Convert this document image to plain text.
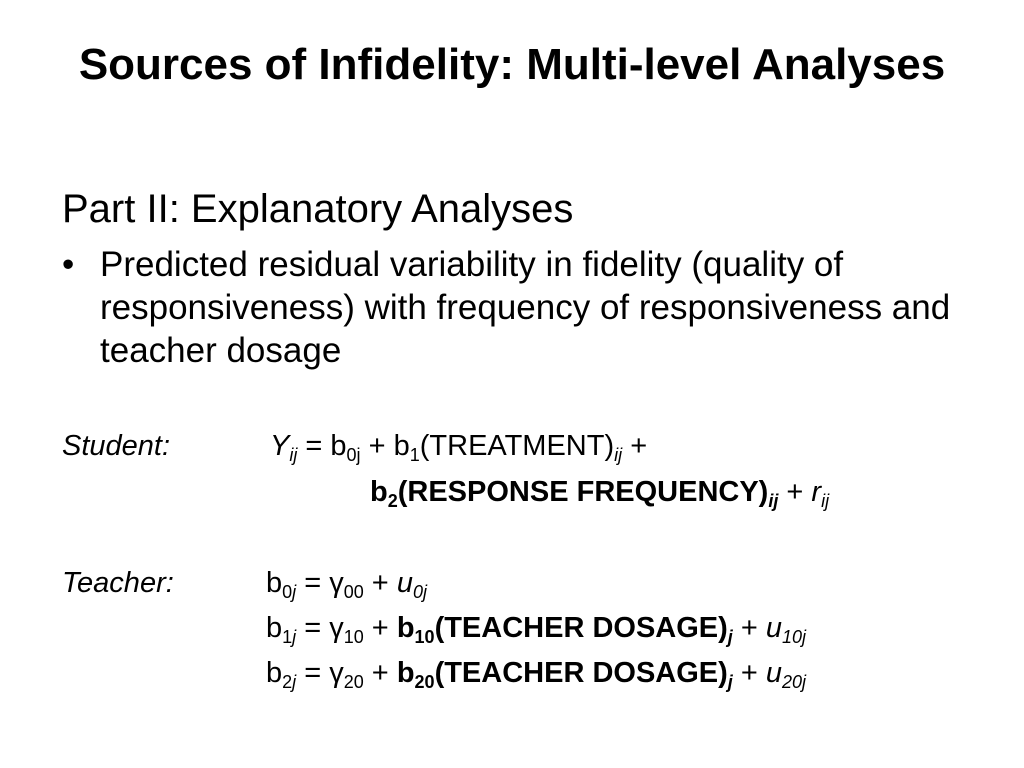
Sources of Infidelity: Multi-level Analyses
Part II: Explanatory Analyses
• Predicted residual variability in fidelity (quality of responsiveness) with frequency of responsiveness and teacher dosage
Student:	$Y_{ij} = b_{0j}$ + $b_1(TREATMENT)_{ij}$ +
$b_2(RESPONSE$ $FREQUENCY)_{ij} + r_{ij}$
Teacher:	$b_{0j} = \gamma_{00} + u_{0j}$
$b_{1j} = \gamma_{10}$ + $b_{10}(TEACHER$ $DOSAGE)_j + u_{10j}$
$b_{2j} = \gamma_{20}$ + $b_{20}(TEACHER$ $DOSAGE)_j + u_{20j}$
